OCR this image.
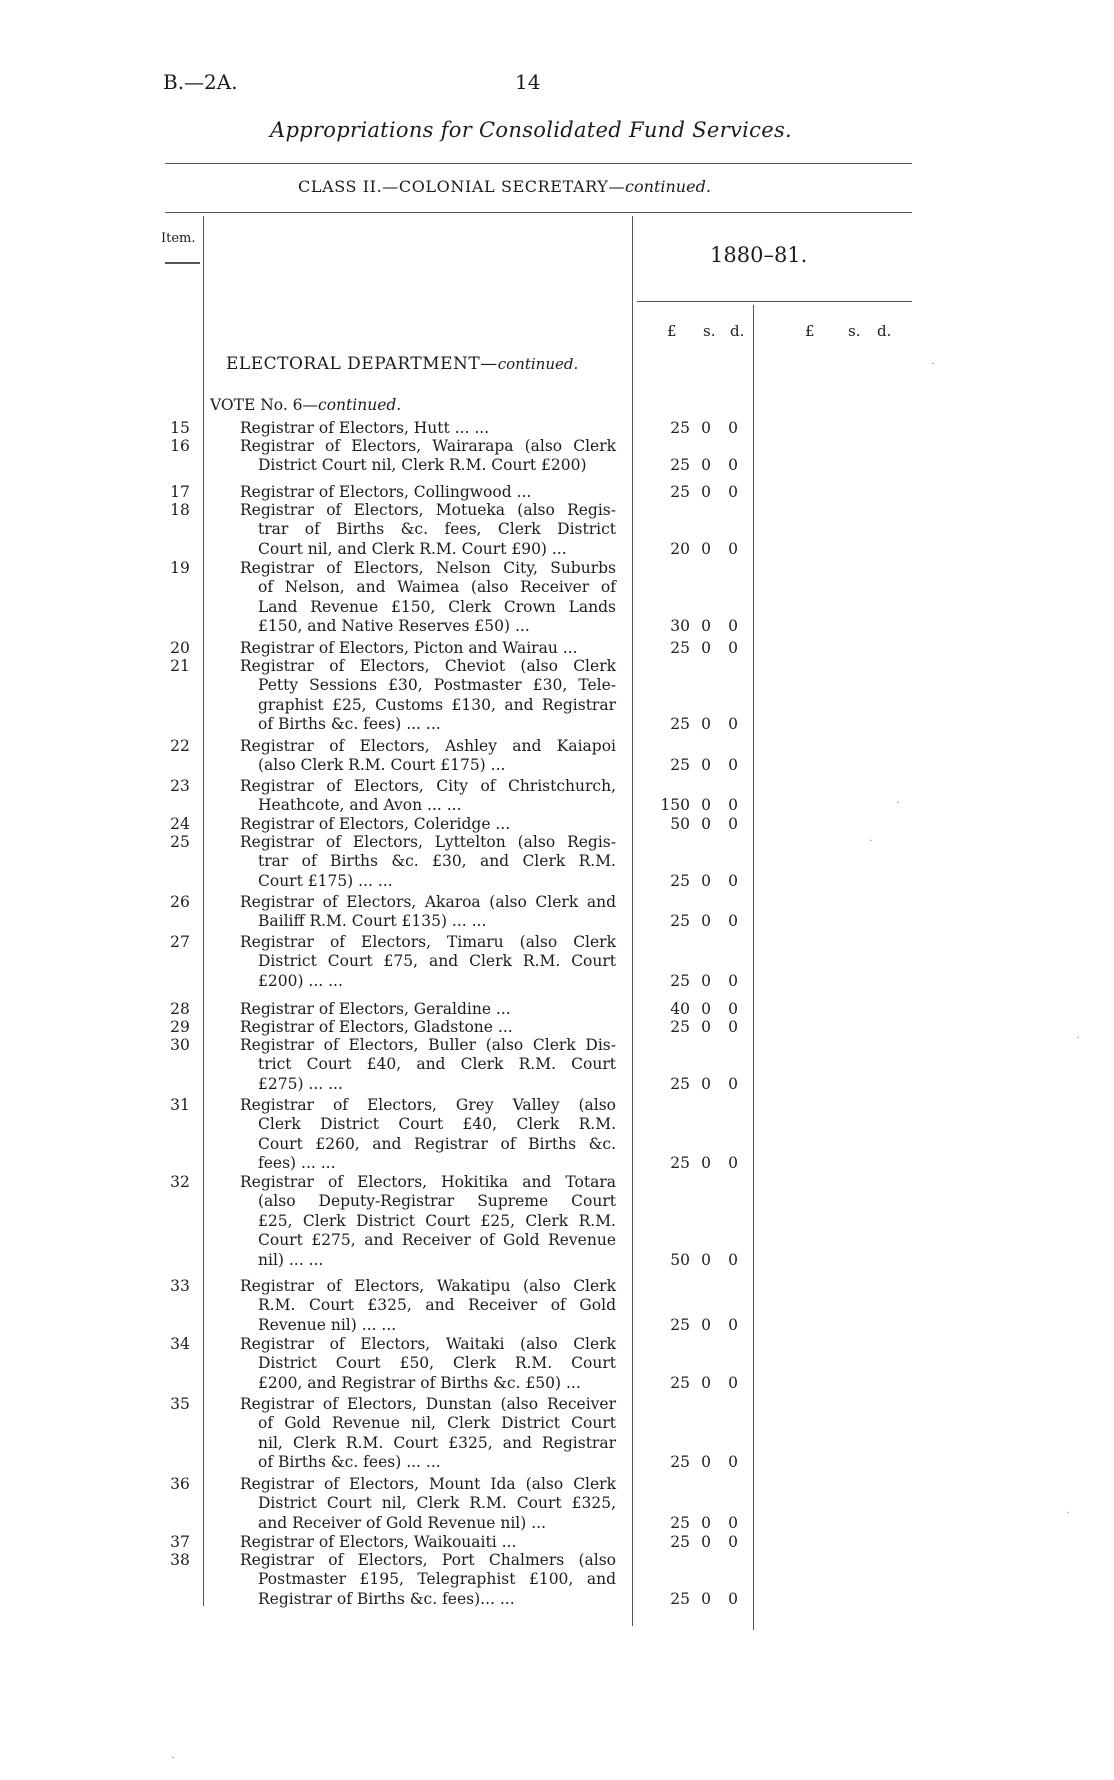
B.—2A.	14
Appropriations for Consolidated Fund Services.
CLASS II.—COLONIAL SECRETARY—continued.
Item.
1880–81.
£ s. d.	£ s. d.
ELECTORAL DEPARTMENT—continued.
VOTE No. 6—continued.
15	Registrar of Electors, Hutt ... ...	25 0 0
16	Registrar of Electors, Wairarapa (also Clerk
District Court nil, Clerk R.M. Court £200)	25 0 0
17	Registrar of Electors, Collingwood ...	25 0 0
18	Registrar of Electors, Motueka (also Regis-
trar of Births &c. fees, Clerk District
Court nil, and Clerk R.M. Court £90) ...	20 0 0
19	Registrar of Electors, Nelson City, Suburbs
of Nelson, and Waimea (also Receiver of
Land Revenue £150, Clerk Crown Lands
£150, and Native Reserves £50) ...	30 0 0
20	Registrar of Electors, Picton and Wairau ...	25 0 0
21	Registrar of Electors, Cheviot (also Clerk
Petty Sessions £30, Postmaster £30, Tele-
graphist £25, Customs £130, and Registrar
of Births &c. fees) ... ...	25 0 0
22	Registrar of Electors, Ashley and Kaiapoi
(also Clerk R.M. Court £175) ...	25 0 0
23	Registrar of Electors, City of Christchurch,
Heathcote, and Avon ... ...	150 0 0
24	Registrar of Electors, Coleridge ...	50 0 0
25	Registrar of Electors, Lyttelton (also Regis-
trar of Births &c. £30, and Clerk R.M.
Court £175) ... ...	25 0 0
26	Registrar of Electors, Akaroa (also Clerk and
Bailiff R.M. Court £135) ... ...	25 0 0
27	Registrar of Electors, Timaru (also Clerk
District Court £75, and Clerk R.M. Court
£200) ... ...	25 0 0
28	Registrar of Electors, Geraldine ...	40 0 0
29	Registrar of Electors, Gladstone ...	25 0 0
30	Registrar of Electors, Buller (also Clerk Dis-
trict Court £40, and Clerk R.M. Court
£275) ... ...	25 0 0
31	Registrar of Electors, Grey Valley (also
Clerk District Court £40, Clerk R.M.
Court £260, and Registrar of Births &c.
fees) ... ...	25 0 0
32	Registrar of Electors, Hokitika and Totara
(also Deputy-Registrar Supreme Court
£25, Clerk District Court £25, Clerk R.M.
Court £275, and Receiver of Gold Revenue
nil) ... ...	50 0 0
33	Registrar of Electors, Wakatipu (also Clerk
R.M. Court £325, and Receiver of Gold
Revenue nil) ... ...	25 0 0
34	Registrar of Electors, Waitaki (also Clerk
District Court £50, Clerk R.M. Court
£200, and Registrar of Births &c. £50) ...	25 0 0
35	Registrar of Electors, Dunstan (also Receiver
of Gold Revenue nil, Clerk District Court
nil, Clerk R.M. Court £325, and Registrar
of Births &c. fees) ... ...	25 0 0
36	Registrar of Electors, Mount Ida (also Clerk
District Court nil, Clerk R.M. Court £325,
and Receiver of Gold Revenue nil) ...	25 0 0
37	Registrar of Electors, Waikouaiti ...	25 0 0
38	Registrar of Electors, Port Chalmers (also
Postmaster £195, Telegraphist £100, and
Registrar of Births &c. fees)... ...	25 0 0
˙
˙
˙
˙
˙
˙
